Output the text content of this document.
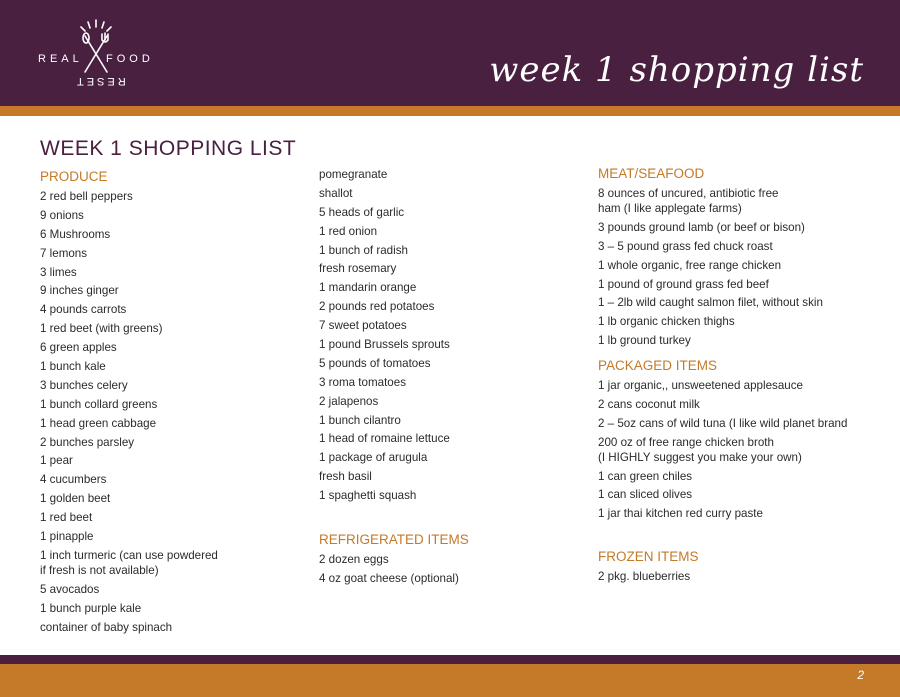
REAL FOOD
RESET	week 1 shopping list
WEEK 1 SHOPPING LIST
PRODUCE
2 red bell peppers
9 onions
6 Mushrooms
7 lemons
3 limes
9 inches ginger
4 pounds carrots
1 red beet (with greens)
6 green apples
1 bunch kale
3 bunches celery
1 bunch collard greens
1 head green cabbage
2 bunches parsley
1 pear
4 cucumbers
1 golden beet
1 red beet
1 pinapple
1 inch turmeric (can use powdered
if fresh is not available)
5 avocados
1 bunch purple kale
container of baby spinach
pomegranate
shallot
5 heads of garlic
1 red onion
1 bunch of radish
fresh rosemary
1 mandarin orange
2 pounds red potatoes
7 sweet potatoes
1 pound Brussels sprouts
5 pounds of tomatoes
3 roma tomatoes
2 jalapenos
1 bunch cilantro
1 head of romaine lettuce
1 package of arugula
fresh basil
1 spaghetti squash
REFRIGERATED ITEMS
2 dozen eggs
4 oz goat cheese (optional)
MEAT/SEAFOOD
8 ounces of uncured, antibiotic free
ham (I like applegate farms)
3 pounds ground lamb (or beef or bison)
3 – 5 pound grass fed chuck roast
1 whole organic, free range chicken
1 pound of ground grass fed beef
1 – 2lb wild caught salmon filet, without skin
1 lb organic chicken thighs
1 lb ground turkey
PACKAGED ITEMS
1 jar organic,, unsweetened applesauce
2 cans coconut milk
2 – 5oz cans of wild tuna (I like wild planet brand
200 oz of free range chicken broth
(I HIGHLY suggest you make your own)
1 can green chiles
1 can sliced olives
1 jar thai kitchen red curry paste
FROZEN ITEMS
2 pkg. blueberries
2
